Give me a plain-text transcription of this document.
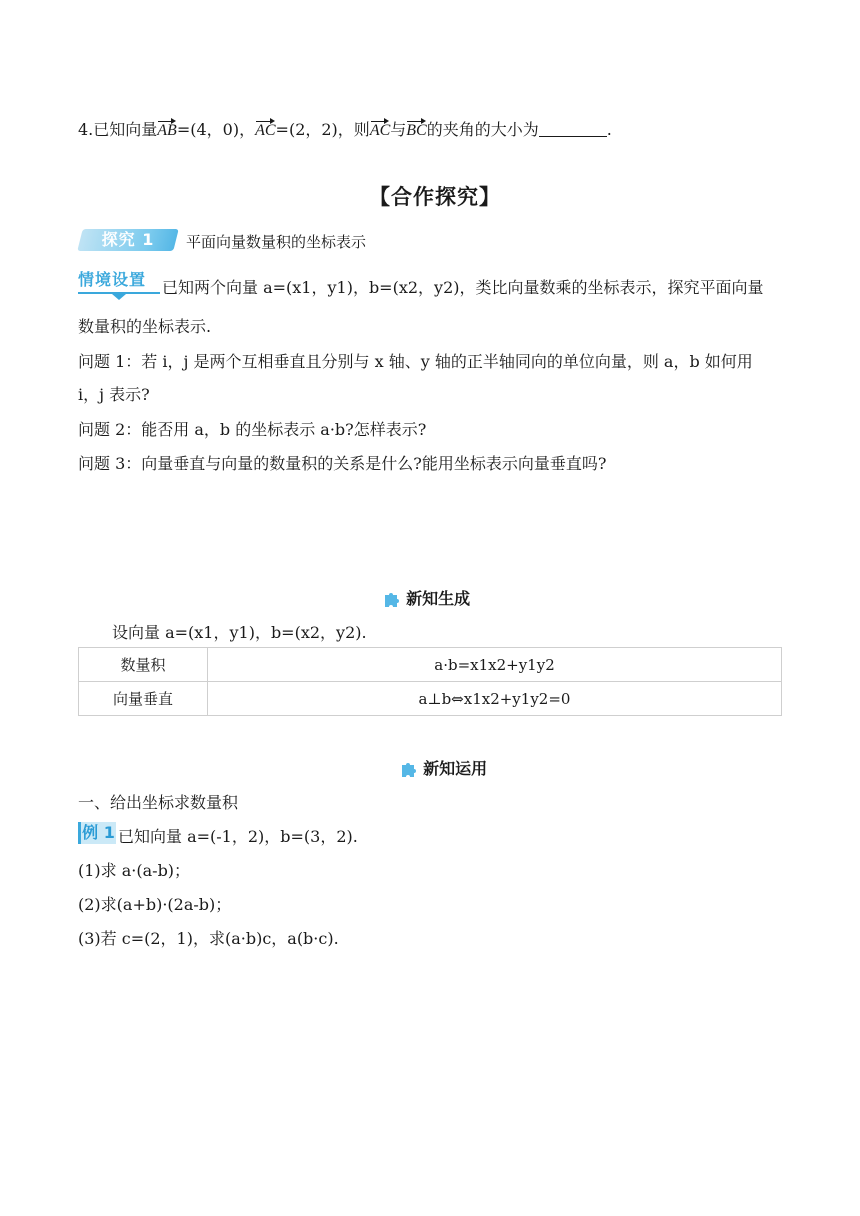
4.已知向量AB=(4，0)，AC=(2，2)，则AC与BC的夹角的大小为	.
【合作探究】
探究 1	平面向量数量积的坐标表示
情境设置 已知两个向量 a=(x1，y1)，b=(x2，y2)，类比向量数乘的坐标表示，探究平面向量
数量积的坐标表示.
问题 1：若 i，j 是两个互相垂直且分别与 x 轴、y 轴的正半轴同向的单位向量，则 a，b 如何用
i，j 表示?
问题 2：能否用 a，b 的坐标表示 a·b?怎样表示?
问题 3：向量垂直与向量的数量积的关系是什么?能用坐标表示向量垂直吗?
新知生成
设向量 a=(x1，y1)，b=(x2，y2).
数量积	a·b=x1x2+y1y2
向量垂直	a⊥b⇔x1x2+y1y2=0
新知运用
一、给出坐标求数量积
例 1 已知向量 a=(-1，2)，b=(3，2).
(1)求 a·(a-b)；
(2)求(a+b)·(2a-b)；
(3)若 c=(2，1)，求(a·b)c，a(b·c).
